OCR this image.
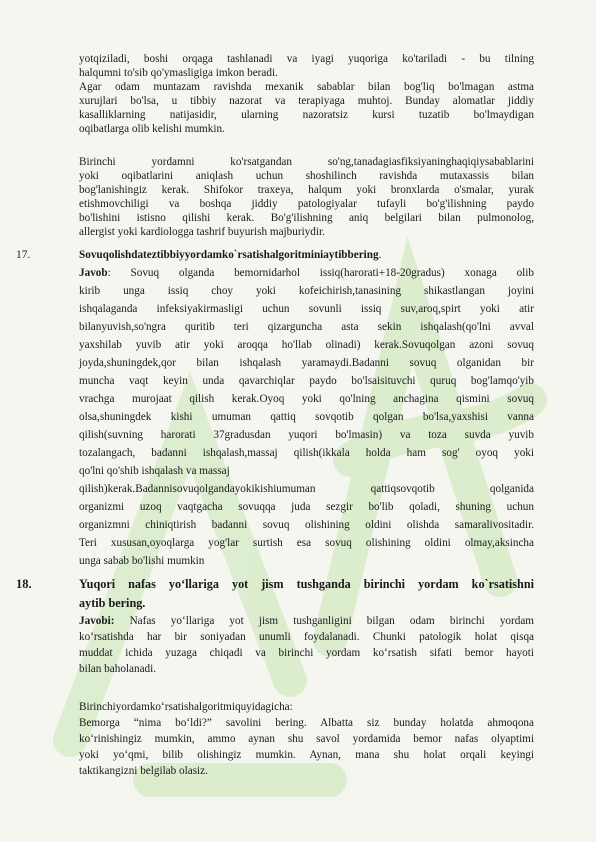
yotqiziladi, boshi orqaga tashlanadi va iyagi yuqoriga ko'tariladi - bu tilning
halqumni to'sib qo'ymasligiga imkon beradi.
Agar odam muntazam ravishda mexanik sabablar bilan bog'liq bo'lmagan astma
xurujlari bo'lsa, u tibbiy nazorat va terapiyaga muhtoj. Bunday alomatlar jiddiy
kasalliklarning natijasidir, ularning nazoratsiz kursi tuzatib bo'lmaydigan
oqibatlarga olib kelishi mumkin.
Birinchi yordamni ko'rsatgandan so'ng,tanadagiasfiksiyaninghaqiqiysabablarini
yoki oqibatlarini aniqlash uchun shoshilinch ravishda mutaxassis bilan
bog'lanishingiz kerak. Shifokor traxeya, halqum yoki bronxlarda o'smalar, yurak
etishmovchiligi va boshqa jiddiy patologiyalar tufayli bo'g'ilishning paydo
bo'lishini istisno qilishi kerak. Bo'g'ilishning aniq belgilari bilan pulmonolog,
allergist yoki kardiologga tashrif buyurish majburiydir.
17.	Sovuqolishdateztibbiyyordamko`rsatishalgoritminiaytibbering.
Javob: Sovuq olganda bemornidarhol issiq(harorati+18-20gradus) xonaga olib
kirib unga issiq choy yoki kofeichirish,tanasining shikastlangan joyini
ishqalaganda infeksiyakirmasligi uchun sovunli issiq suv,aroq,spirt yoki atir
bilanyuvish,so'ngra quritib teri qizarguncha asta sekin ishqalash(qo'lni avval
yaxshilab yuvib atir yoki aroqqa ho'llab olinadi) kerak.Sovuqolgan azoni sovuq
joyda,shuningdek,qor bilan ishqalash yaramaydi.Badanni sovuq olganidan bir
muncha vaqt keyin unda qavarchiqlar paydo bo'lsaisituvchi quruq bog'lamqo'yib
vrachga murojaat qilish kerak.Oyoq yoki qo'lning anchagina qismini sovuq
olsa,shuningdek kishi umuman qattiq sovqotib qolgan bo'lsa,yaxshisi vanna
qilish(suvning harorati 37gradusdan yuqori bo'lmasin) va toza suvda yuvib
tozalangach, badanni ishqalash,massaj qilish(ikkala holda ham sog' oyoq yoki
qo'lni qo'shib ishqalash va massaj
qilish)kerak.Badannisovuqolgandayokikishiumuman qattiqsovqotib qolganida
organizmi uzoq vaqtgacha sovuqqa juda sezgir bo'lib qoladi, shuning uchun
organizmni chiniqtirish badanni sovuq olishining oldini olishda samaralivositadir.
Teri xususan,oyoqlarga yog'lar surtish esa sovuq olishining oldini olmay,aksincha
unga sabab bo'lishi mumkin
18.	Yuqori nafas yo‘llariga yot jism tushganda birinchi yordam ko`rsatishni
aytib bering.
Javobi: Nafas yo‘llariga yot jism tushganligini bilgan odam birinchi yordam
ko‘rsatishda har bir soniyadan unumli foydalanadi. Chunki patologik holat qisqa
muddat ichida yuzaga chiqadi va birinchi yordam ko‘rsatish sifati bemor hayoti
bilan baholanadi.
Birinchiyordamko‘rsatishalgoritmiquyidagicha:
Bemorga “nima bo‘ldi?” savolini bering. Albatta siz bunday holatda ahmoqona
ko‘rinishingiz mumkin, ammo aynan shu savol yordamida bemor nafas olyaptimi
yoki yo‘qmi, bilib olishingiz mumkin. Aynan, mana shu holat orqali keyingi
taktikangizni belgilab olasiz.
